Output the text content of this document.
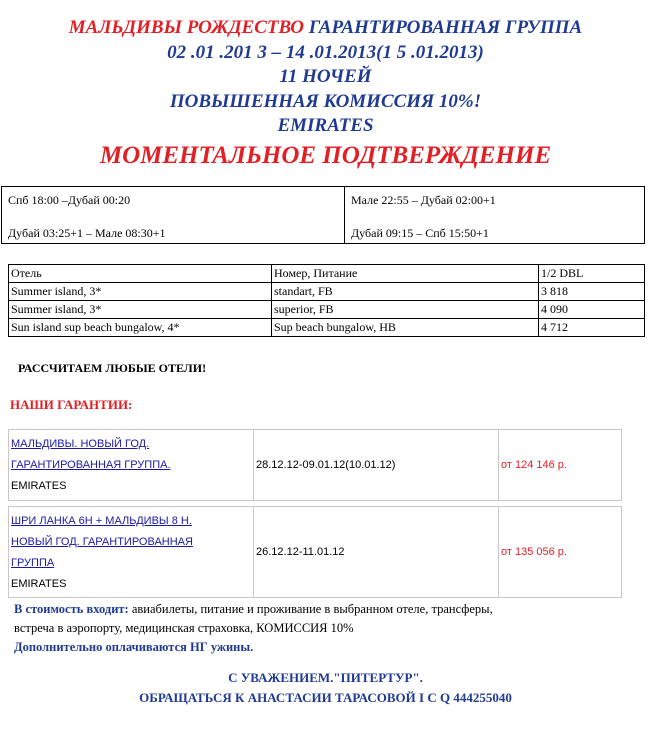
МАЛЬДИВЫ РОЖДЕСТВО ГАРАНТИРОВАННАЯ ГРУППА
02 .01 .201 3 – 14 .01.2013(1 5 .01.2013)
11 НОЧЕЙ
ПОВЫШЕННАЯ КОМИССИЯ 10%!
EMIRATES
МОМЕНТАЛЬНОЕ ПОДТВЕРЖДЕНИЕ
Спб 18:00 –Дубай 00:20
Дубай 03:25+1 – Мале 08:30+1
	Мале 22:55 – Дубай 02:00+1
Дубай 09:15 – Спб 15:50+1
Отель	Номер, Питание	1/2 DBL
Summer island, 3*	standart, FB	3 818
Summer island, 3*	superior, FB	4 090
Sun island sup beach bungalow, 4*	Sup beach bungalow, HB	4 712
РАССЧИТАЕМ ЛЮБЫЕ ОТЕЛИ!
НАШИ ГАРАНТИИ:
МАЛЬДИВЫ. НОВЫЙ ГОД.
ГАРАНТИРОВАННАЯ ГРУППА.
EMIRATES	28.12.12-09.01.12(10.01.12)	от 124 146 р.
ШРИ ЛАНКА 6Н + МАЛЬДИВЫ 8 Н.
НОВЫЙ ГОД. ГАРАНТИРОВАННАЯ
ГРУППА
EMIRATES	26.12.12-11.01.12	от 135 056 р.
В стоимость входит: авиабилеты, питание и проживание в выбранном отеле, трансферы,
встреча в аэропорту, медицинская страховка, КОМИССИЯ 10%
Дополнительно оплачиваются НГ ужины.
С УВАЖЕНИЕМ."ПИТЕРТУР".
ОБРАЩАТЬСЯ К АНАСТАСИИ ТАРАСОВОЙ I C Q 444255040
